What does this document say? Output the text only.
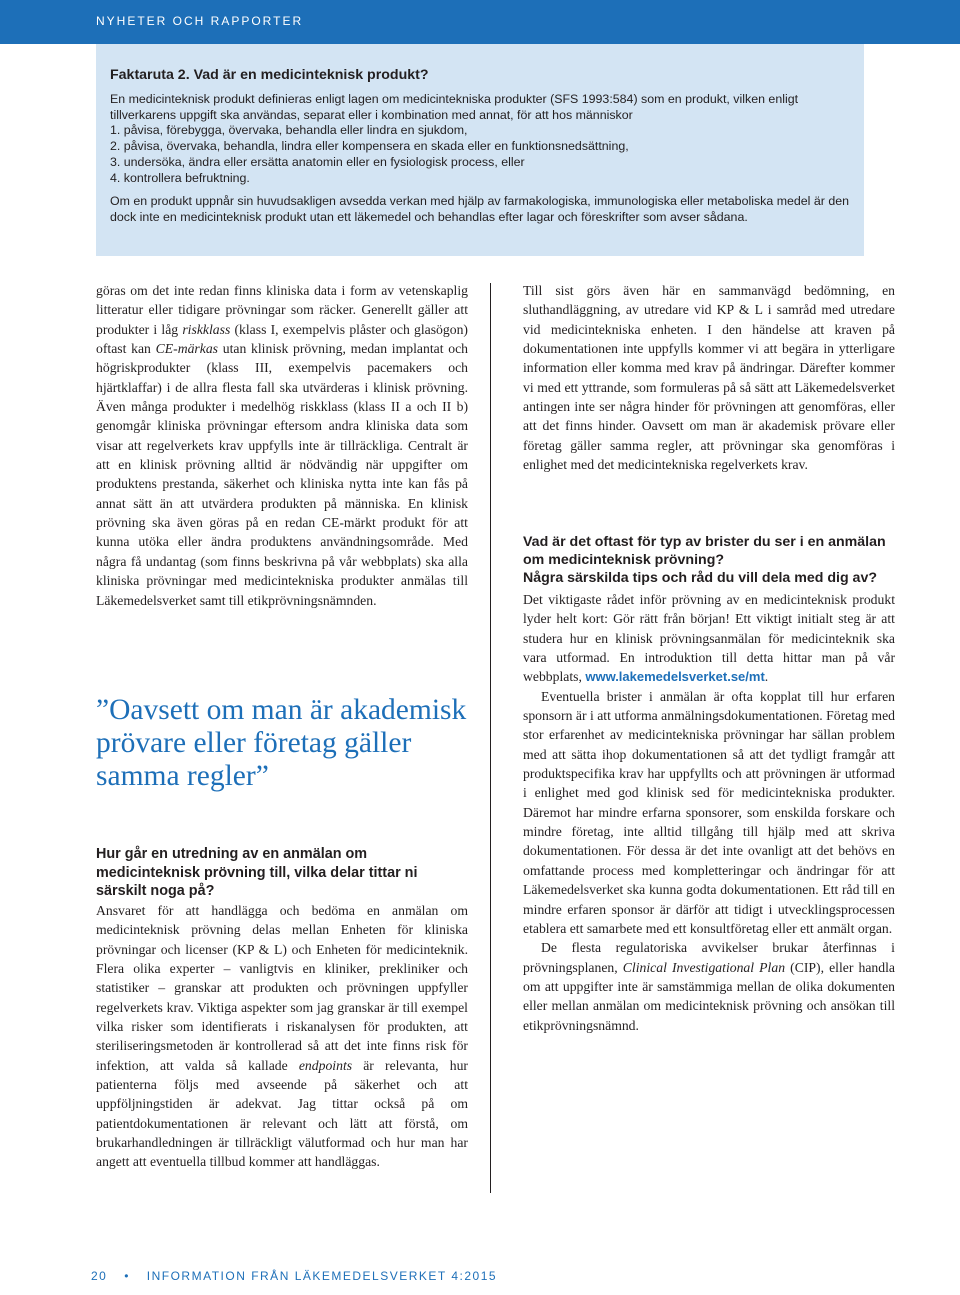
NYHETER OCH RAPPORTER
Faktaruta 2. Vad är en medicinteknisk produkt?

En medicinteknisk produkt definieras enligt lagen om medicintekniska produkter (SFS 1993:584) som en produkt, vilken enligt tillverkarens uppgift ska användas, separat eller i kombination med annat, för att hos människor

1. påvisa, förebygga, övervaka, behandla eller lindra en sjukdom,
2. påvisa, övervaka, behandla, lindra eller kompensera en skada eller en funktionsnedsättning,
3. undersöka, ändra eller ersätta anatomin eller en fysiologisk process, eller
4. kontrollera befruktning.

Om en produkt uppnår sin huvudsakligen avsedda verkan med hjälp av farmakologiska, immunologiska eller metaboliska medel är den dock inte en medicinteknisk produkt utan ett läkemedel och behandlas efter lagar och föreskrifter som avser sådana.

göras om det inte redan finns kliniska data i form av vetenskaplig litteratur eller tidigare prövningar som räcker. Generellt gäller att produkter i låg riskklass (klass I, exempelvis plåster och glasögon) oftast kan CE-märkas utan klinisk prövning, medan implantat och högriskprodukter (klass III, exempelvis pacemakers och hjärtklaffar) i de allra flesta fall ska utvärderas i klinisk prövning. Även många produkter i medelhög riskklass (klass II a och II b) genomgår kliniska prövningar eftersom andra kliniska data som visar att regelverkets krav uppfylls inte är tillräckliga. Centralt är att en klinisk prövning alltid är nödvändig när uppgifter om produktens prestanda, säkerhet och kliniska nytta inte kan fås på annat sätt än att utvärdera produkten på människa. En klinisk prövning ska även göras på en redan CE-märkt produkt för att kunna utöka eller ändra produktens användningsområde. Med några få undantag (som finns beskrivna på vår webbplats) ska alla kliniska prövningar med medicintekniska produkter anmälas till Läkemedelsverket samt till etikprövningsnämnden.

”Oavsett om man är akademisk prövare eller företag gäller samma regler”
Hur går en utredning av en anmälan om medicinteknisk prövning till, vilka delar tittar ni särskilt noga på?

Ansvaret för att handlägga och bedöma en anmälan om medicinteknisk prövning delas mellan Enheten för kliniska prövningar och licenser (KP & L) och Enheten för medicinteknik. Flera olika experter – vanligtvis en kliniker, prekliniker och statistiker – granskar att produkten och prövningen uppfyller regelverkets krav. Viktiga aspekter som jag granskar är till exempel vilka risker som identifierats i riskanalysen för produkten, att steriliseringsmetoden är kontrollerad så att det inte finns risk för infektion, att valda så kallade endpoints är relevanta, hur patienterna följs med avseende på säkerhet och att uppföljningstiden är adekvat. Jag tittar också på om patientdokumentationen är relevant och lätt att förstå, om brukarhandledningen är tillräckligt välutformad och hur man har angett att eventuella tillbud kommer att handläggas.

Till sist görs även här en sammanvägd bedömning, en sluthandläggning, av utredare vid KP & L i samråd med utredare vid medicintekniska enheten. I den händelse att kraven på dokumentationen inte uppfylls kommer vi att begära in ytterligare information eller komma med krav på ändringar. Därefter kommer vi med ett yttrande, som formuleras på så sätt att Läkemedelsverket antingen inte ser några hinder för prövningen att genomföras, eller att det finns hinder. Oavsett om man är akademisk prövare eller företag gäller samma regler, att prövningar ska genomföras i enlighet med det medicintekniska regelverkets krav.

Vad är det oftast för typ av brister du ser i en anmälan om medicinteknisk prövning?
Några särskilda tips och råd du vill dela med dig av?

Det viktigaste rådet inför prövning av en medicinteknisk produkt lyder helt kort: Gör rätt från början! Ett viktigt initialt steg är att studera hur en klinisk prövningsanmälan för medicinteknik ska vara utformad. En introduktion till detta hittar man på vår webbplats, www.lakemedelsverket.se/mt.

Eventuella brister i anmälan är ofta kopplat till hur erfaren sponsorn är i att utforma anmälningsdokumentationen. Företag med stor erfarenhet av medicintekniska prövningar har sällan problem med att sätta ihop dokumentationen så att det tydligt framgår att produktspecifika krav har uppfyllts och att prövningen är utformad i enlighet med god klinisk sed för medicintekniska produkter. Däremot har mindre erfarna sponsorer, som enskilda forskare och mindre företag, inte alltid tillgång till hjälp med att skriva dokumentationen. För dessa är det inte ovanligt att det behövs en omfattande process med kompletteringar och ändringar för att Läkemedelsverket ska kunna godta dokumentationen. Ett råd till en mindre erfaren sponsor är därför att tidigt i utvecklingsprocessen etablera ett samarbete med ett konsultföretag eller ett anmält organ.

De flesta regulatoriska avvikelser brukar återfinnas i prövningsplanen, Clinical Investigational Plan (CIP), eller handla om att uppgifter inte är samstämmiga mellan de olika dokumenten eller mellan anmälan om medicinteknisk prövning och ansökan till etikprövningsnämnd.

20 • INFORMATION FRÅN LÄKEMEDELSVERKET 4:2015
